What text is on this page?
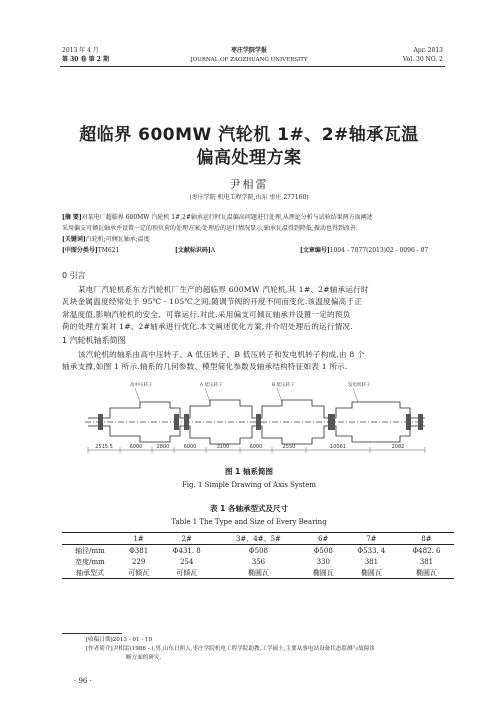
2013 年 4 月
第 30 卷 第 2 期
枣庄学院学报
JOURNAL OF ZAOZHUANG UNIVERSITY
Apr. 2013
Vol. 30 NO. 2
超临界 600MW 汽轮机 1#、2#轴承瓦温
偏高处理方案
尹相雷
(枣庄学院 机电工程学院,山东 枣庄 277160)
[摘 要]对某电厂超临界 600MW 汽轮机 1#,2#轴承运行时瓦温偏高问题进行处理,从理论分析与试验结果两方面阐述
采用偏支可倾瓦轴承并设置一定的预负荷的处理方案;处理后的运行情况显示,轴承瓦温得到降低,振动也得到改善.
[关键词]汽轮机;可倾瓦轴承;温度
[中图分类号]TM621	[文献标识码]A	[文章编号]1004 - 7077(2013)02 - 0096 - 07
0 引言
某电厂汽轮机系东方汽轮机厂生产的超临界 600MW 汽轮机,其 1#、2#轴承运行时
瓦块金属温度经常处于 95℃ - 105℃之间,随调节阀的开度不同而变化.该温度偏高于正
常温度值,影响汽轮机的安全、可靠运行.对此,采用偏支可倾瓦轴承并设置一定的预负
荷的处理方案对 1#、2#轴承进行优化.本文阐述优化方案,并介绍处理后的运行情况.
1 汽轮机轴系简图
该汽轮机的轴系由高中压转子、A 低压转子、B 低压转子和发电机转子构成,由 8 个
轴承支撑,如图 1 所示.轴系的几何参数、模型简化参数及轴承结构特征如表 1 所示.
高中压转子	A 低压转子	B 低压转子	发电机转子
2515.5	6000	2800	6000	3100	6000	2550	10061	2082
图 1 轴系简图
Fig. 1 Simple Drawing of Axis System
表 1 各轴承型式及尺寸
Table 1 The Type and Size of Every Bearing
	1#	2#	3#、4#、5#	6#	7#	8#
轴径/mm	Φ381	Φ431. 8	Φ508	Φ508	Φ533. 4	Φ482. 6
宽度/mm	229	254	356	330	381	381
轴承型式	可倾瓦	可倾瓦	椭圆瓦	椭圆瓦	椭圆瓦	椭圆瓦
[收稿日期]2013 - 01 - 10
[作者简介]尹相雷(1986 - ),男,山东日照人,枣庄学院机电工程学院助教,工学硕士,主要从事电站设备状态监测与故障诊
断方面的研究.
· 96 ·
